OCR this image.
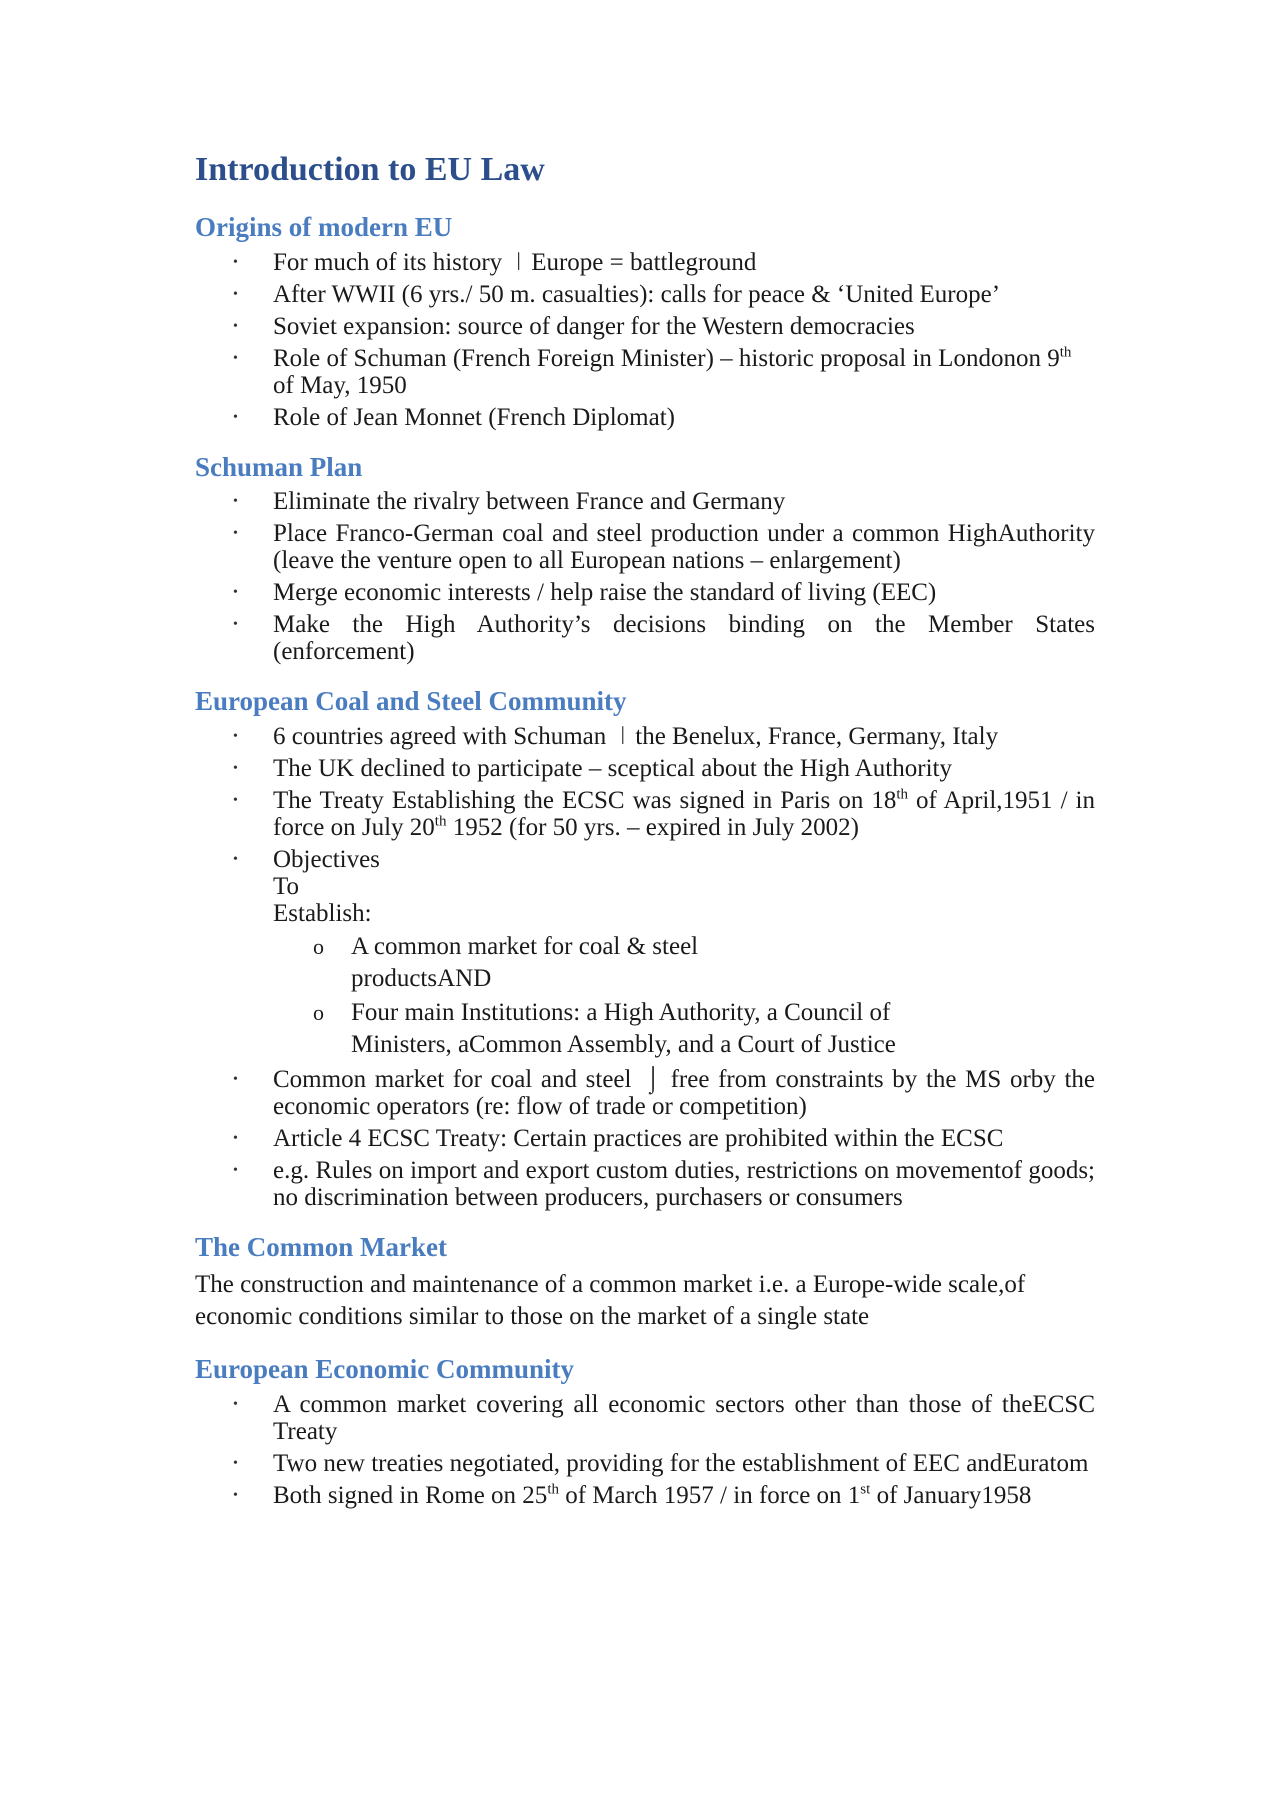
Introduction to EU Law
Origins of modern EU
• For much of its history ǀ Europe = battleground
• After WWII (6 yrs./ 50 m. casualties): calls for peace & ‘United Europe’
• Soviet expansion: source of danger for the Western democracies
• Role of Schuman (French Foreign Minister) – historic proposal in Londonon 9th of May, 1950
• Role of Jean Monnet (French Diplomat)
Schuman Plan
• Eliminate the rivalry between France and Germany
• Place Franco-German coal and steel production under a common HighAuthority (leave the venture open to all European nations – enlargement)
• Merge economic interests / help raise the standard of living (EEC)
• Make the High Authority’s decisions binding on the Member States (enforcement)
European Coal and Steel Community
• 6 countries agreed with Schuman ǀ the Benelux, France, Germany, Italy
• The UK declined to participate – sceptical about the High Authority
• The Treaty Establishing the ECSC was signed in Paris on 18th of April,1951 / in force on July 20th 1952 (for 50 yrs. – expired in July 2002)
• Objectives
To
Establish:
o A common market for coal & steel
productsAND
o Four main Institutions: a High Authority, a Council of
Ministers, aCommon Assembly, and a Court of Justice
• Common market for coal and steel ⌡ free from constraints by the MS orby the economic operators (re: flow of trade or competition)
• Article 4 ECSC Treaty: Certain practices are prohibited within the ECSC
• e.g. Rules on import and export custom duties, restrictions on movementof goods; no discrimination between producers, purchasers or consumers
The Common Market

The construction and maintenance of a common market i.e. a Europe-wide scale,of economic conditions similar to those on the market of a single state

European Economic Community
• A common market covering all economic sectors other than those of theECSC Treaty
• Two new treaties negotiated, providing for the establishment of EEC andEuratom
• Both signed in Rome on 25th of March 1957 / in force on 1st of January1958
